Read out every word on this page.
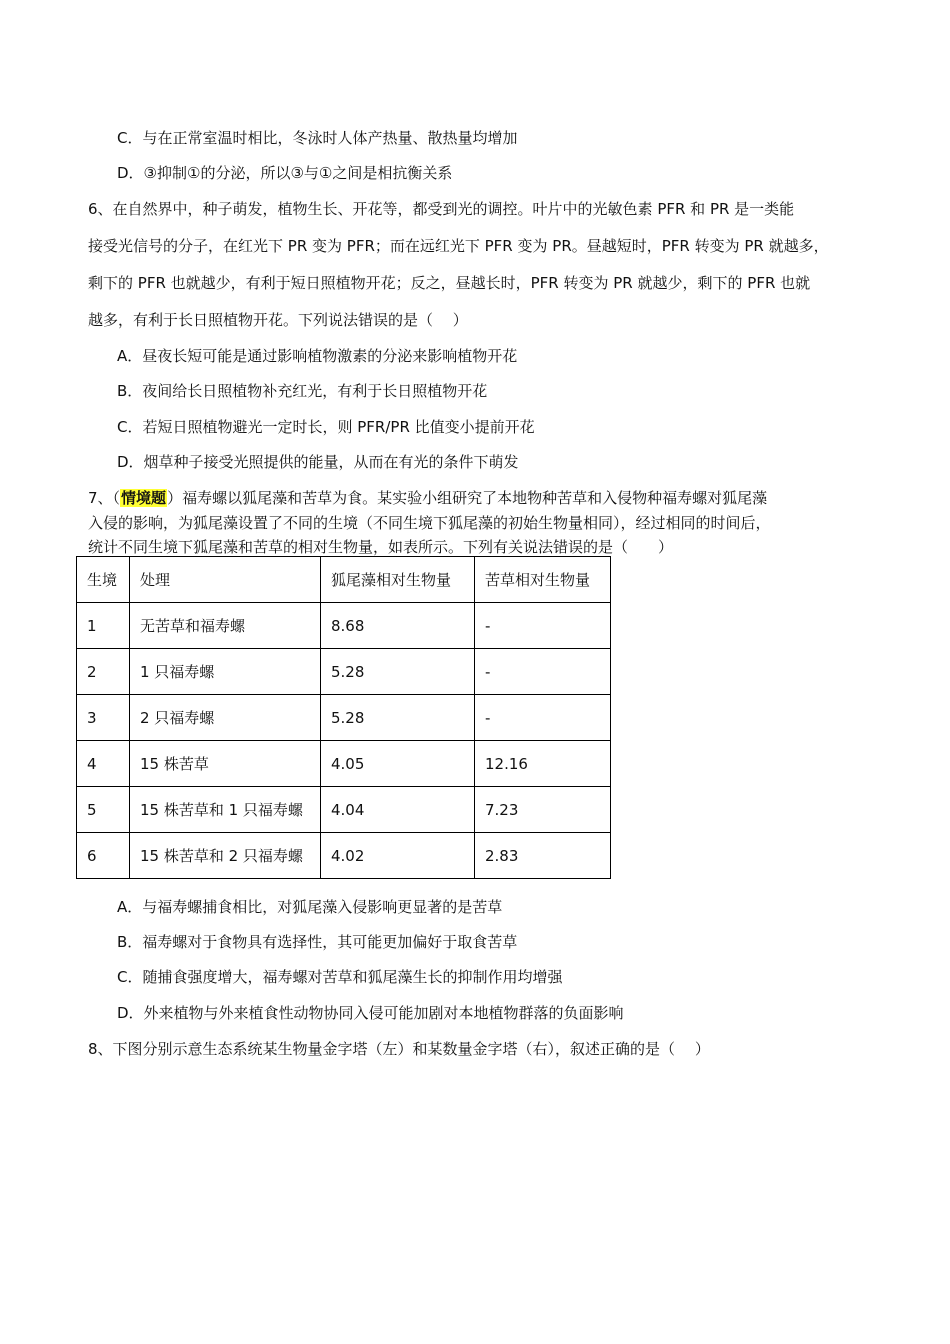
C．与在正常室温时相比，冬泳时人体产热量、散热量均增加
D．③抑制①的分泌，所以③与①之间是相抗衡关系
6、在自然界中，种子萌发，植物生长、开花等，都受到光的调控。叶片中的光敏色素 PFR 和 PR 是一类能
接受光信号的分子，在红光下 PR 变为 PFR；而在远红光下 PFR 变为 PR。昼越短时，PFR 转变为 PR 就越多，
剩下的 PFR 也就越少，有利于短日照植物开花；反之，昼越长时，PFR 转变为 PR 就越少，剩下的 PFR 也就
越多，有利于长日照植物开花。下列说法错误的是（　 ）
A．昼夜长短可能是通过影响植物激素的分泌来影响植物开花
B．夜间给长日照植物补充红光，有利于长日照植物开花
C．若短日照植物避光一定时长，则 PFR/PR 比值变小提前开花
D．烟草种子接受光照提供的能量，从而在有光的条件下萌发
7、（情境题）福寿螺以狐尾藻和苦草为食。某实验小组研究了本地物种苦草和入侵物种福寿螺对狐尾藻
入侵的影响，为狐尾藻设置了不同的生境（不同生境下狐尾藻的初始生物量相同），经过相同的时间后，
统计不同生境下狐尾藻和苦草的相对生物量，如表所示。下列有关说法错误的是（　　）
生境	处理	狐尾藻相对生物量	苦草相对生物量
1	无苦草和福寿螺	8.68	-
2	1 只福寿螺	5.28	-
3	2 只福寿螺	5.28	-
4	15 株苦草	4.05	12.16
5	15 株苦草和 1 只福寿螺	4.04	7.23
6	15 株苦草和 2 只福寿螺	4.02	2.83
A．与福寿螺捕食相比，对狐尾藻入侵影响更显著的是苦草
B．福寿螺对于食物具有选择性，其可能更加偏好于取食苦草
C．随捕食强度增大，福寿螺对苦草和狐尾藻生长的抑制作用均增强
D．外来植物与外来植食性动物协同入侵可能加剧对本地植物群落的负面影响
8、下图分别示意生态系统某生物量金字塔（左）和某数量金字塔（右），叙述正确的是（　 ）
